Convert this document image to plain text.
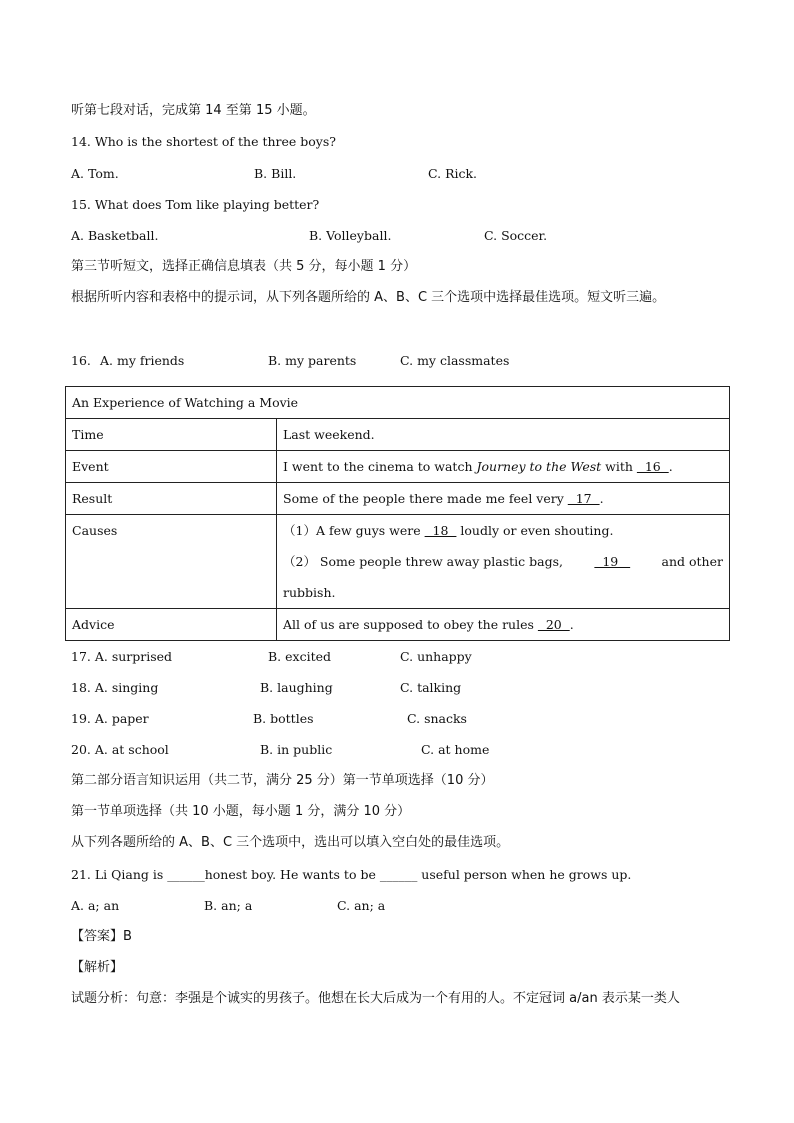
听第七段对话，完成第 14 至第 15 小题。
14. Who is the shortest of the three boys?
A. Tom.	B. Bill.	C. Rick.
15. What does Tom like playing better?
A. Basketball.	B. Volleyball.	C. Soccer.
第三节听短文，选择正确信息填表（共 5 分，每小题 1 分）
根据所听内容和表格中的提示词，从下列各题所给的 A、B、C 三个选项中选择最佳选项。短文听三遍。
16. A. my friends	B. my parents	C. my classmates
An Experience of Watching a Movie	
Time	Last weekend.
Event	I went to the cinema to watch Journey to the West with   16  .
Result	Some of the people there made me feel very   17  .
Causes	（1）A few guys were   18   loudly or even shouting.
（2） Some people threw away plastic bags, 19 and other
rubbish.

Advice	All of us are supposed to obey the rules   20  .
17. A. surprised	B. excited	C. unhappy
18. A. singing	B. laughing	C. talking
19. A. paper	B. bottles	C. snacks
20. A. at school	B. in public	C. at home
第二部分语言知识运用（共二节，满分 25 分）第一节单项选择（10 分）
第一节单项选择（共 10 小题，每小题 1 分，满分 10 分）
从下列各题所给的 A、B、C 三个选项中，选出可以填入空白处的最佳选项。
21. Li Qiang is ______honest boy. He wants to be ______ useful person when he grows up.
A. a; an	B. an; a	C. an; a
【答案】B
【解析】
试题分析：句意：李强是个诚实的男孩子。他想在长大后成为一个有用的人。不定冠词 a/an 表示某一类人
